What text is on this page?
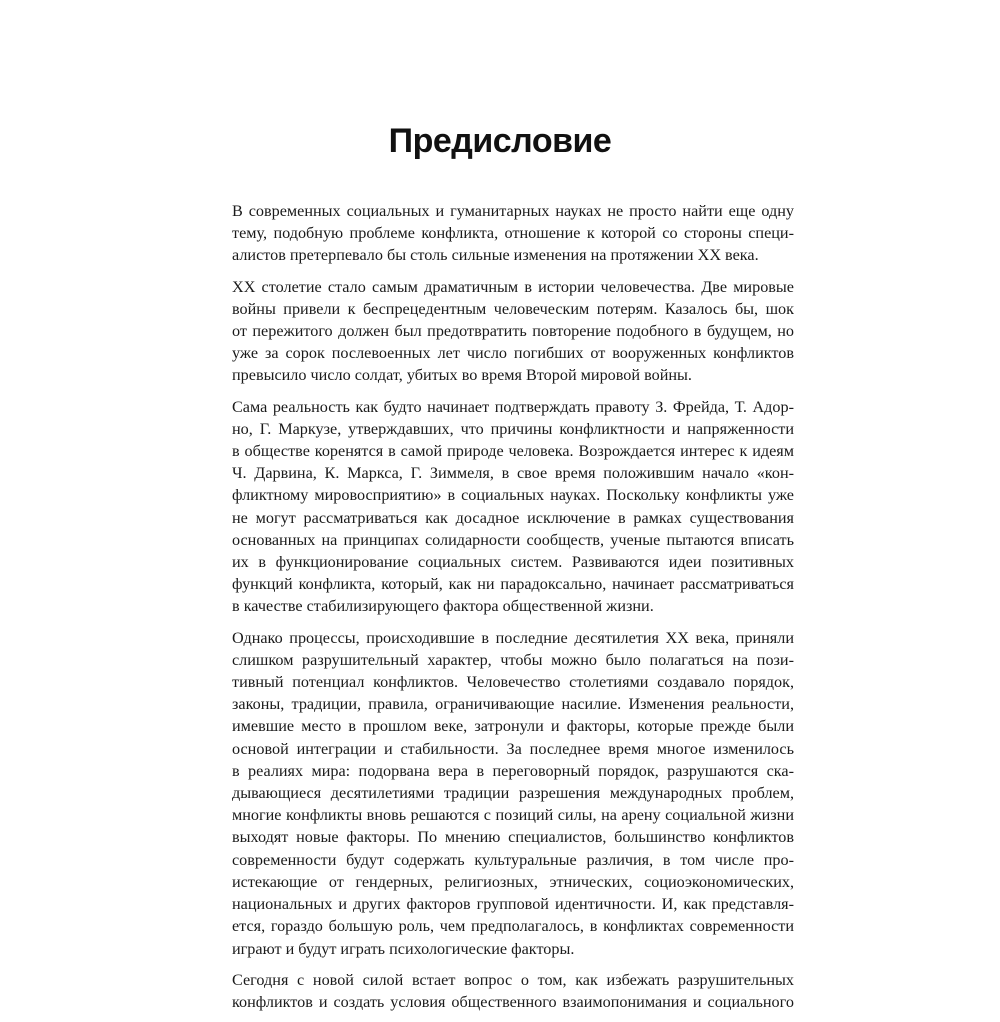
Предисловие

В современных социальных и гуманитарных науках не просто найти еще одну
тему, подобную проблеме конфликта, отношение к которой со стороны специ-
алистов претерпевало бы столь сильные изменения на протяжении XX века.

XX столетие стало самым драматичным в истории человечества. Две мировые
войны привели к беспрецедентным человеческим потерям. Казалось бы, шок
от пережитого должен был предотвратить повторение подобного в будущем, но
уже за сорок послевоенных лет число погибших от вооруженных конфликтов
превысило число солдат, убитых во время Второй мировой войны.

Сама реальность как будто начинает подтверждать правоту З. Фрейда, Т. Адор-
но, Г. Маркузе, утверждавших, что причины конфликтности и напряженности
в обществе коренятся в самой природе человека. Возрождается интерес к идеям
Ч. Дарвина, К. Маркса, Г. Зиммеля, в свое время положившим начало «кон-
фликтному мировосприятию» в социальных науках. Поскольку конфликты уже
не могут рассматриваться как досадное исключение в рамках существования
основанных на принципах солидарности сообществ, ученые пытаются вписать
их в функционирование социальных систем. Развиваются идеи позитивных
функций конфликта, который, как ни парадоксально, начинает рассматриваться
в качестве стабилизирующего фактора общественной жизни.

Однако процессы, происходившие в последние десятилетия XX века, приняли
слишком разрушительный характер, чтобы можно было полагаться на пози-
тивный потенциал конфликтов. Человечество столетиями создавало порядок,
законы, традиции, правила, ограничивающие насилие. Изменения реальности,
имевшие место в прошлом веке, затронули и факторы, которые прежде были
основой интеграции и стабильности. За последнее время многое изменилось
в реалиях мира: подорвана вера в переговорный порядок, разрушаются ска-
дывающиеся десятилетиями традиции разрешения международных проблем,
многие конфликты вновь решаются с позиций силы, на арену социальной жизни
выходят новые факторы. По мнению специалистов, большинство конфликтов
современности будут содержать культуральные различия, в том числе про-
истекающие от гендерных, религиозных, этнических, социоэкономических,
национальных и других факторов групповой идентичности. И, как представля-
ется, гораздо большую роль, чем предполагалось, в конфликтах современности
играют и будут играть психологические факторы.

Сегодня с новой силой встает вопрос о том, как избежать разрушительных
конфликтов и создать условия общественного взаимопонимания и социального
